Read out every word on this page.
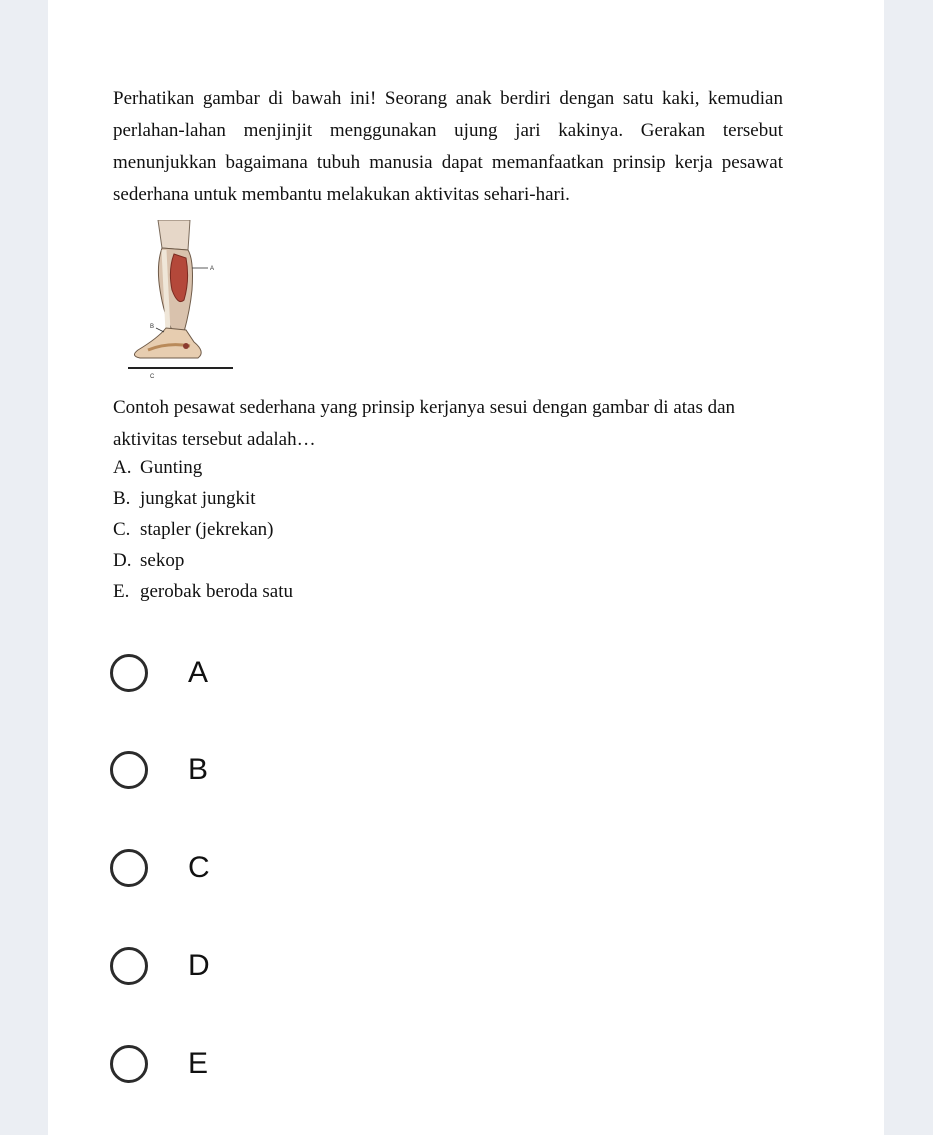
Perhatikan gambar di bawah ini! Seorang anak berdiri dengan satu kaki, kemudian perlahan-lahan menjinjit menggunakan ujung jari kakinya. Gerakan tersebut menunjukkan bagaimana tubuh manusia dapat memanfaatkan prinsip kerja pesawat sederhana untuk membantu melakukan aktivitas sehari-hari.
A
B
C
Contoh pesawat sederhana yang prinsip kerjanya sesui dengan gambar di atas dan aktivitas tersebut adalah…
A. Gunting
B. jungkat jungkit
C. stapler (jekrekan)
D. sekop
E. gerobak beroda satu
A
B
C
D
E
